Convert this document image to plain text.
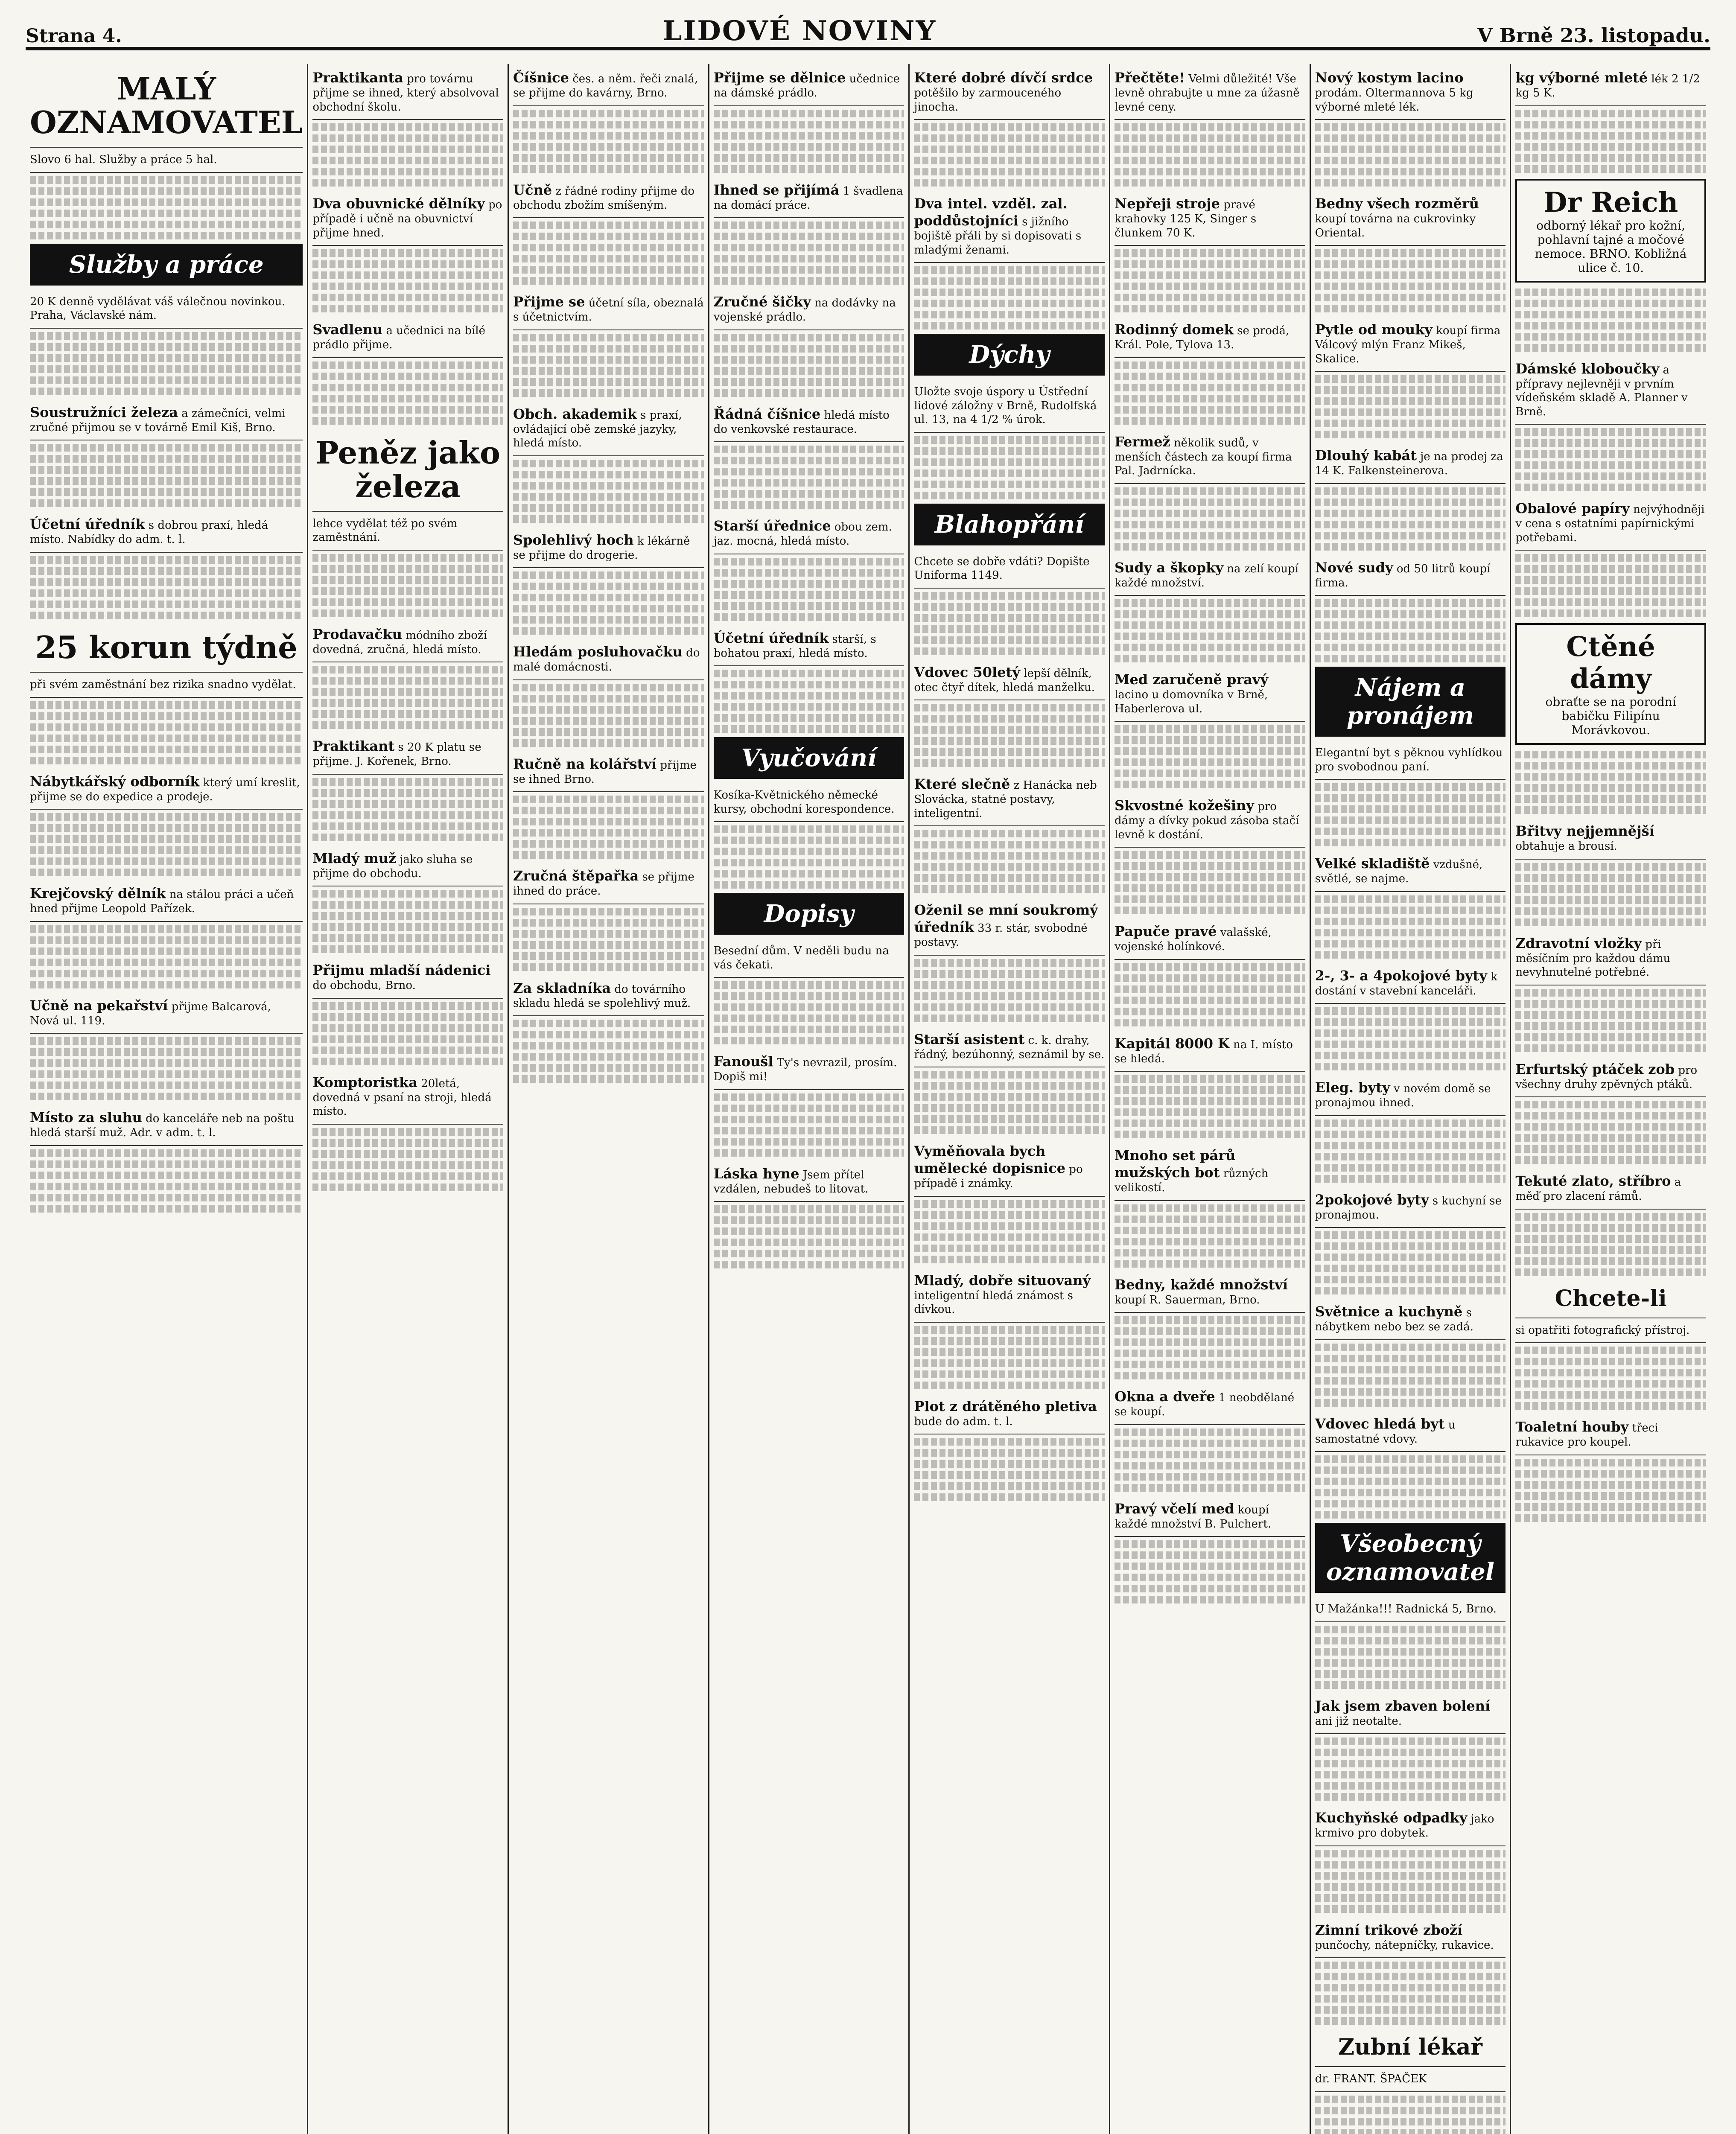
Strana 4.	LIDOVÉ NOVINY	V Brně 23. listopadu.
MALÝ OZNAMOVATEL
Slovo 6 hal. Služby a práce 5 hal.
Služby a práce
20 K denně vydělávat váš válečnou novinkou. Praha, Václavské nám.
Soustružníci železa a zámečníci, velmi zručné přijmou se v továrně Emil Kiš, Brno.
Účetní úředník s dobrou praxí, hledá místo. Nabídky do adm. t. l.
25 korun týdně
při svém zaměstnání bez rizika snadno vydělat.
Nábytkářský odborník který umí kreslit, přijme se do expedice a prodeje.
Krejčovský dělník na stálou práci a učeň hned přijme Leopold Pařízek.
Učně na pekařství přijme Balcarová, Nová ul. 119.
Místo za sluhu do kanceláře neb na poštu hledá starší muž. Adr. v adm. t. l.
Praktikanta pro továrnu přijme se ihned, který absolvoval obchodní školu.
Dva obuvnické dělníky po případě i učně na obuvnictví přijme hned.
Svadlenu a učednici na bílé prádlo přijme.
Peněz jako železa
lehce vydělat též po svém zaměstnání.
Prodavačku módního zboží dovedná, zručná, hledá místo.
Praktikant s 20 K platu se přijme. J. Kořenek, Brno.
Mladý muž jako sluha se přijme do obchodu.
Přijmu mladší nádenici do obchodu, Brno.
Komptoristka 20letá, dovedná v psaní na stroji, hledá místo.
Číšnice čes. a něm. řeči znalá, se přijme do kavárny, Brno.
Učně z řádné rodiny přijme do obchodu zbožím smíšeným.
Přijme se účetní síla, obeznalá s účetnictvím.
Obch. akademik s praxí, ovládající obě zemské jazyky, hledá místo.
Spolehlivý hoch k lékárně se přijme do drogerie.
Hledám posluhovačku do malé domácnosti.
Ručně na kolářství přijme se ihned Brno.
Zručná štěpařka se přijme ihned do práce.
Za skladníka do továrního skladu hledá se spolehlivý muž.
Přijme se dělnice učednice na dámské prádlo.
Ihned se přijímá 1 švadlena na domácí práce.
Zručné šičky na dodávky na vojenské prádlo.
Řádná číšnice hledá místo do venkovské restaurace.
Starší úřednice obou zem. jaz. mocná, hledá místo.
Účetní úředník starší, s bohatou praxí, hledá místo.
Vyučování
Kosíka-Květnického německé kursy, obchodní korespondence.
Dopisy
Besední dům. V neděli budu na vás čekati.
Fanoušl Ty's nevrazil, prosím. Dopiš mi!
Láska hyne Jsem přítel vzdálen, nebudeš to litovat.
Které dobré dívčí srdce potěšilo by zarmouceného jinocha.
Dva intel. vzděl. zal. poddůstojníci s jižního bojiště přáli by si dopisovati s mladými ženami.
Dýchy
Uložte svoje úspory u Ústřední lidové záložny v Brně, Rudolfská ul. 13, na 4 1/2 % úrok.
Blahopřání
Chcete se dobře vdáti? Dopište Uniforma 1149.
Vdovec 50letý lepší dělník, otec čtyř dítek, hledá manželku.
Které slečně z Hanácka neb Slovácka, statné postavy, inteligentní.
Oženil se mní soukromý úředník 33 r. stár, svobodné postavy.
Starší asistent c. k. drahy, řádný, bezúhonný, seznámil by se.
Vyměňovala bych umělecké dopisnice po případě i známky.
Mladý, dobře situovaný inteligentní hledá známost s dívkou.
Plot z drátěného pletiva bude do adm. t. l.
Přečtěte! Velmi důležité! Vše levně ohrabujte u mne za úžasně levné ceny.
Nepřeji stroje pravé krahovky 125 K, Singer s člunkem 70 K.
Rodinný domek se prodá, Král. Pole, Tylova 13.
Fermež několik sudů, v menších částech za koupí firma Pal. Jadrnícka.
Sudy a škopky na zelí koupí každé množství.
Med zaručeně pravý lacino u domovníka v Brně, Haberlerova ul.
Skvostné kožešiny pro dámy a dívky pokud zásoba stačí levně k dostání.
Papuče pravé valašské, vojenské holínkové.
Kapitál 8000 K na I. místo se hledá.
Mnoho set párů mužských bot různých velikostí.
Bedny, každé množství koupí R. Sauerman, Brno.
Okna a dveře 1 neobdělané se koupí.
Pravý včelí med koupí každé množství B. Pulchert.
Nový kostym lacino prodám. Oltermannova 5 kg výborné mleté lék.
Bedny všech rozměrů koupí továrna na cukrovinky Oriental.
Pytle od mouky koupí firma Válcový mlýn Franz Mikeš, Skalice.
Dlouhý kabát je na prodej za 14 K. Falkensteinerova.
Nové sudy od 50 litrů koupí firma.
Nájem a pronájem
Elegantní byt s pěknou vyhlídkou pro svobodnou paní.
Velké skladiště vzdušné, světlé, se najme.
2-, 3- a 4pokojové byty k dostání v stavební kanceláři.
Eleg. byty v novém domě se pronajmou ihned.
2pokojové byty s kuchyní se pronajmou.
Světnice a kuchyně s nábytkem nebo bez se zadá.
Vdovec hledá byt u samostatné vdovy.
Všeobecný oznamovatel
U Mažánka!!! Radnická 5, Brno.
Jak jsem zbaven bolení ani již neotalte.
Kuchyňské odpadky jako krmivo pro dobytek.
Zimní trikové zboží punčochy, nátepníčky, rukavice.
Zubní lékař
dr. FRANT. ŠPAČEK
kg výborné mleté lék 2 1/2 kg 5 K.
Dr Reich
odborný lékař pro kožní, pohlavní tajné a močové nemoce. BRNO. Kobližná ulice č. 10.
Dámské kloboučky a přípravy nejlevněji v prvním vídeňském skladě A. Planner v Brně.
Obalové papíry nejvýhodněji v cena s ostatními papírnickými potřebami.
Ctěné dámy
obraťte se na porodní babičku Filipínu Morávkovou.
Břitvy nejjemnější obtahuje a brousí.
Zdravotní vložky při měsíčním pro každou dámu nevyhnutelné potřebné.
Erfurtský ptáček zob pro všechny druhy zpěvných ptáků.
Tekuté zlato, stříbro a měď pro zlacení rámů.
Chcete-li
si opatřiti fotografický přístroj.
Toaletní houby třeci rukavice pro koupel.
